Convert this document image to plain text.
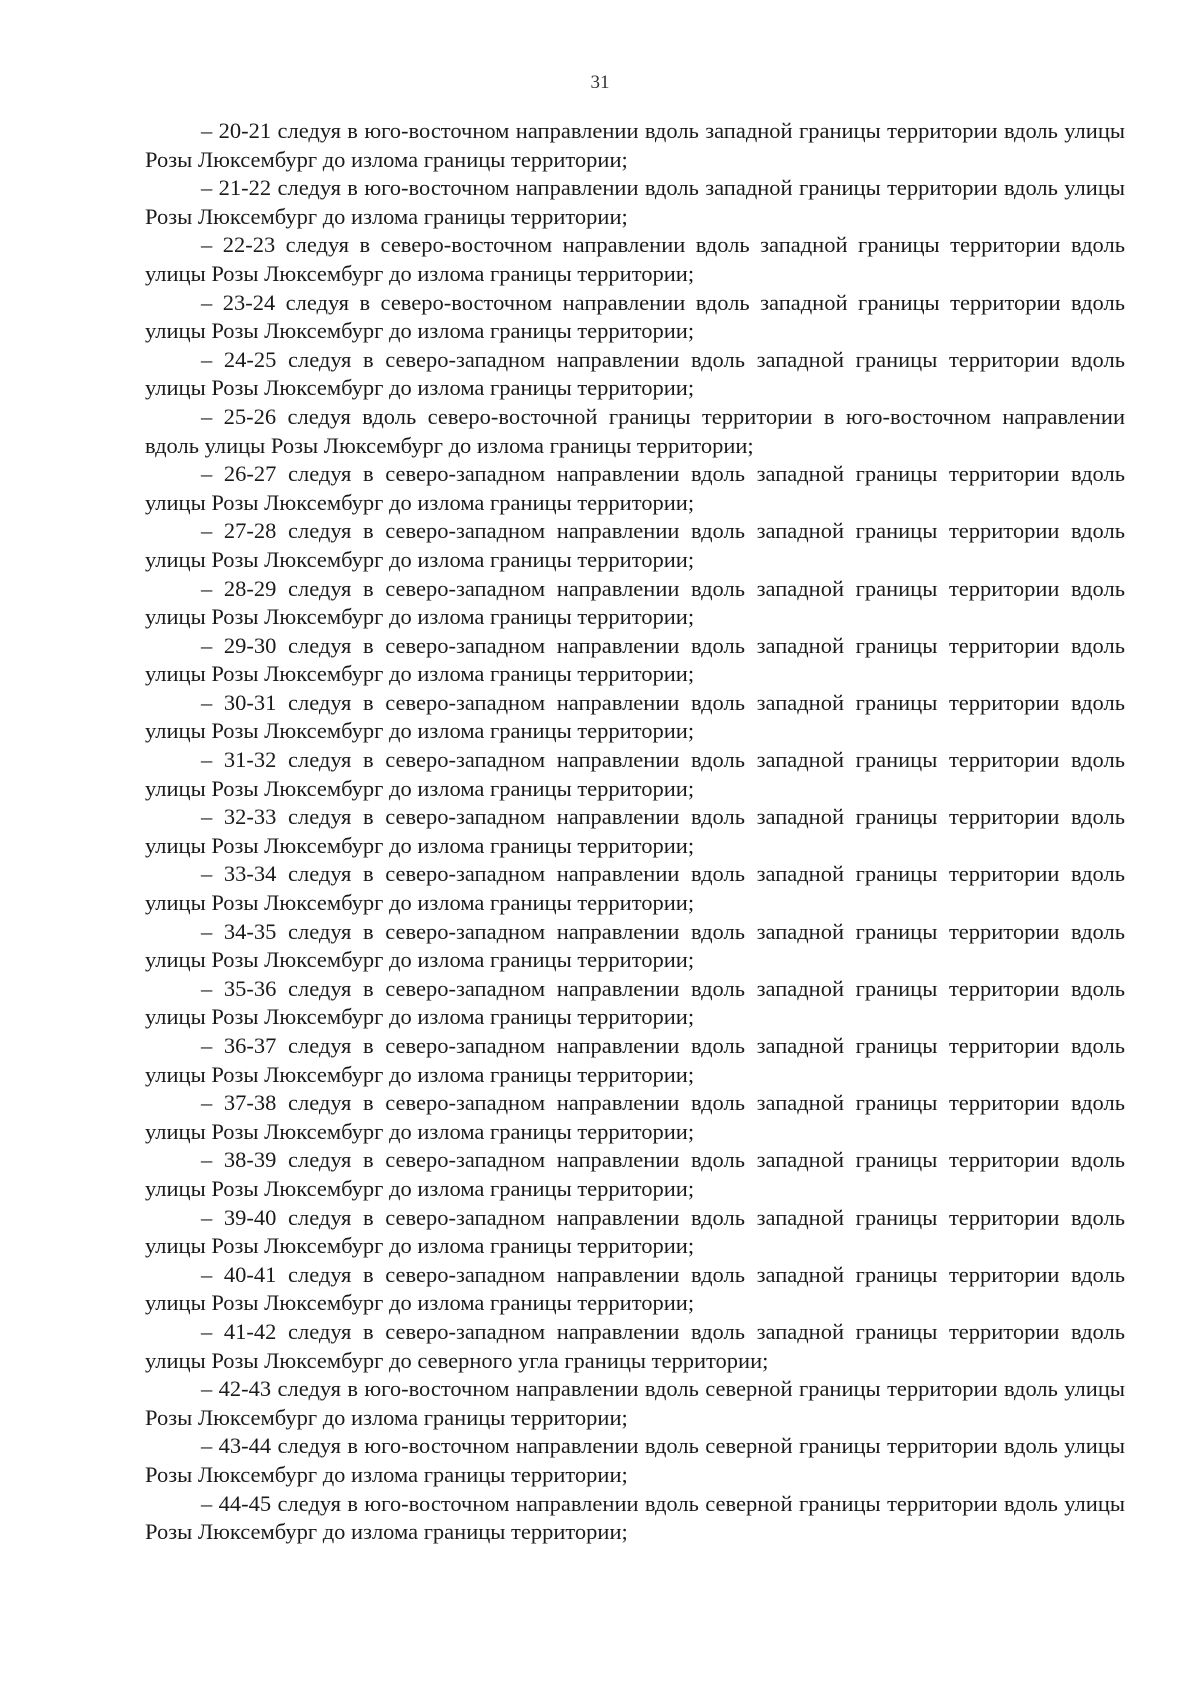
31

– 20-21 следуя в юго-восточном направлении вдоль западной границы территории вдоль улицы Розы Люксембург до излома границы территории;

– 21-22 следуя в юго-восточном направлении вдоль западной границы территории вдоль улицы Розы Люксембург до излома границы территории;

– 22-23 следуя в северо-восточном направлении вдоль западной границы территории вдоль улицы Розы Люксембург до излома границы территории;

– 23-24 следуя в северо-восточном направлении вдоль западной границы территории вдоль улицы Розы Люксембург до излома границы территории;

– 24-25 следуя в северо-западном направлении вдоль западной границы территории вдоль улицы Розы Люксембург до излома границы территории;

– 25-26 следуя вдоль северо-восточной границы территории в юго-восточном направлении вдоль улицы Розы Люксембург до излома границы территории;

– 26-27 следуя в северо-западном направлении вдоль западной границы территории вдоль улицы Розы Люксембург до излома границы территории;

– 27-28 следуя в северо-западном направлении вдоль западной границы территории вдоль улицы Розы Люксембург до излома границы территории;

– 28-29 следуя в северо-западном направлении вдоль западной границы территории вдоль улицы Розы Люксембург до излома границы территории;

– 29-30 следуя в северо-западном направлении вдоль западной границы территории вдоль улицы Розы Люксембург до излома границы территории;

– 30-31 следуя в северо-западном направлении вдоль западной границы территории вдоль улицы Розы Люксембург до излома границы территории;

– 31-32 следуя в северо-западном направлении вдоль западной границы территории вдоль улицы Розы Люксембург до излома границы территории;

– 32-33 следуя в северо-западном направлении вдоль западной границы территории вдоль улицы Розы Люксембург до излома границы территории;

– 33-34 следуя в северо-западном направлении вдоль западной границы территории вдоль улицы Розы Люксембург до излома границы территории;

– 34-35 следуя в северо-западном направлении вдоль западной границы территории вдоль улицы Розы Люксембург до излома границы территории;

– 35-36 следуя в северо-западном направлении вдоль западной границы территории вдоль улицы Розы Люксембург до излома границы территории;

– 36-37 следуя в северо-западном направлении вдоль западной границы территории вдоль улицы Розы Люксембург до излома границы территории;

– 37-38 следуя в северо-западном направлении вдоль западной границы территории вдоль улицы Розы Люксембург до излома границы территории;

– 38-39 следуя в северо-западном направлении вдоль западной границы территории вдоль улицы Розы Люксембург до излома границы территории;

– 39-40 следуя в северо-западном направлении вдоль западной границы территории вдоль улицы Розы Люксембург до излома границы территории;

– 40-41 следуя в северо-западном направлении вдоль западной границы территории вдоль улицы Розы Люксембург до излома границы территории;

– 41-42 следуя в северо-западном направлении вдоль западной границы территории вдоль улицы Розы Люксембург до северного угла границы территории;

– 42-43 следуя в юго-восточном направлении вдоль северной границы территории вдоль улицы Розы Люксембург до излома границы территории;

– 43-44 следуя в юго-восточном направлении вдоль северной границы территории вдоль улицы Розы Люксембург до излома границы территории;

– 44-45 следуя в юго-восточном направлении вдоль северной границы территории вдоль улицы Розы Люксембург до излома границы территории;
